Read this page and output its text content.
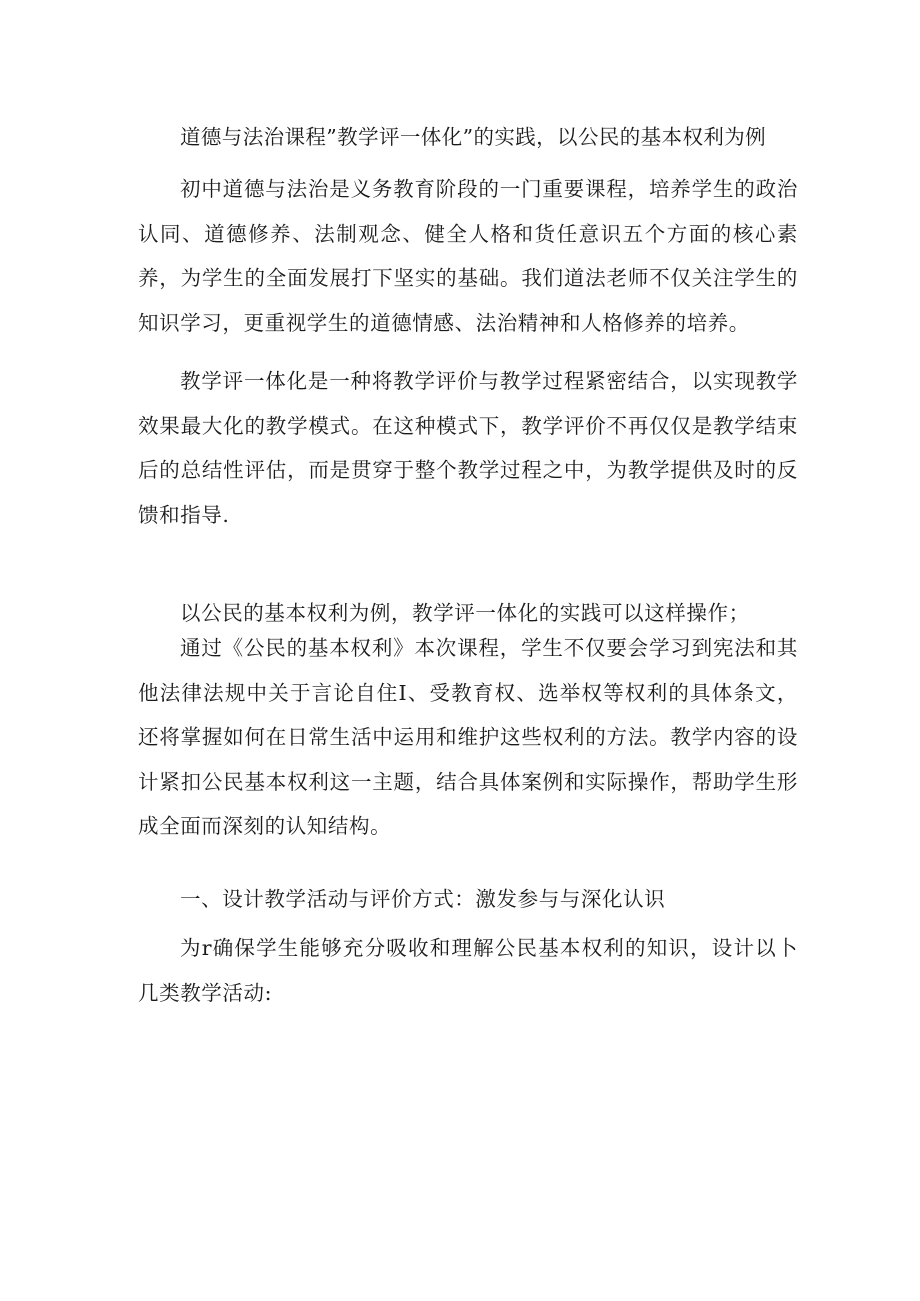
道德与法治课程”教学评一体化”的实践，以公民的基本权利为例

初中道德与法治是义务教育阶段的一门重要课程，培养学生的政治认同、道德修养、法制观念、健全人格和货任意识五个方面的核心素养，为学生的全面发展打下坚实的基础。我们道法老师不仅关注学生的知识学习，更重视学生的道德情感、法治精神和人格修养的培养。

教学评一体化是一种将教学评价与教学过程紧密结合，以实现教学效果最大化的教学模式。在这种模式下，教学评价不再仅仅是教学结束后的总结性评估，而是贯穿于整个教学过程之中，为教学提供及时的反馈和指导.

以公民的基本权利为例，教学评一体化的实践可以这样操作；

通过《公民的基本权利》本次课程，学生不仅要会学习到宪法和其他法律法规中关于言论自住I、受教育权、选举权等权利的具体条文，还将掌握如何在日常生活中运用和维护这些权利的方法。教学内容的设计紧扣公民基本权利这一主题，结合具体案例和实际操作，帮助学生形成全面而深刻的认知结构。

一、设计教学活动与评价方式：激发参与与深化认识

为r确保学生能够充分吸收和理解公民基本权利的知识，设计以卜几类教学活动:
